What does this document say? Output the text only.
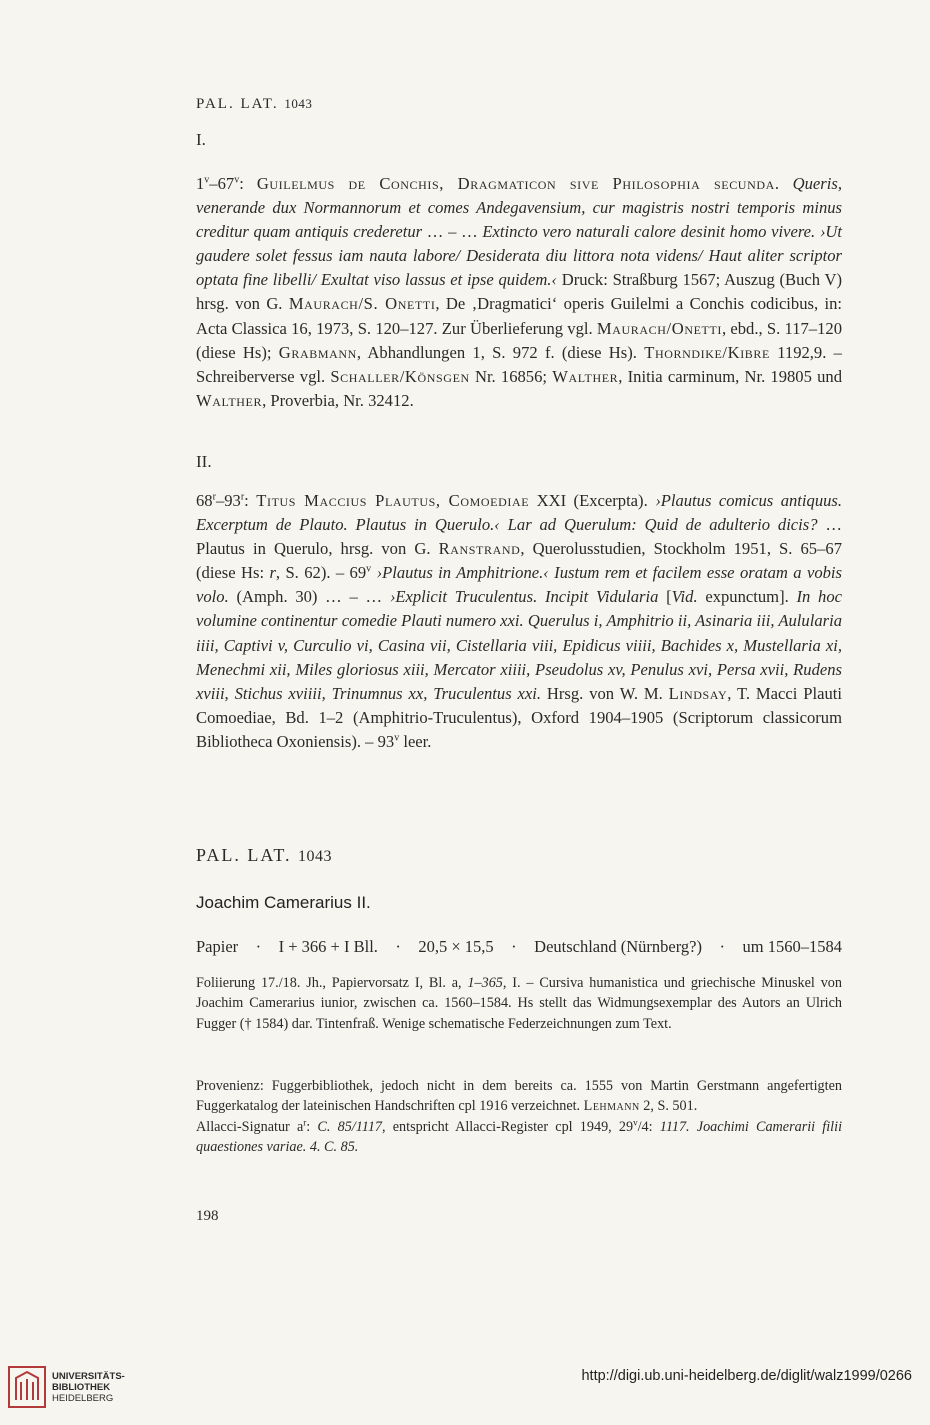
PAL. LAT. 1043
I.
1$^v$–67$^v$: Guilelmus de Conchis, Dragmaticon sive Philosophia secunda. Queris, venerande dux Normannorum et comes Andegavensium, cur magistris nostri temporis minus creditur quam antiquis crederetur … – … Extincto vero naturali calore desinit homo vivere. ›Ut gaudere solet fessus iam nauta labore/ Desiderata diu littora nota videns/ Haut aliter scriptor optata fine libelli/ Exultat viso lassus et ipse quidem.‹ Druck: Straßburg 1567; Auszug (Buch V) hrsg. von G. Maurach/S. Onetti, De ‚Dragmatici‘ operis Guilelmi a Conchis codicibus, in: Acta Classica 16, 1973, S. 120–127. Zur Überlieferung vgl. Maurach/Onetti, ebd., S. 117–120 (diese Hs); Grabmann, Abhandlungen 1, S. 972 f. (diese Hs). Thorndike/Kibre 1192,9. – Schreiberverse vgl. Schaller/Könsgen Nr. 16856; Walther, Initia carminum, Nr. 19805 und Walther, Proverbia, Nr. 32412.
II.
68$^r$–93$^r$: Titus Maccius Plautus, Comoediae XXI (Excerpta). ›Plautus comicus antiquus. Excerptum de Plauto. Plautus in Querulo.‹ Lar ad Querulum: Quid de adulterio dicis? … Plautus in Querulo, hrsg. von G. Ranstrand, Querolusstudien, Stockholm 1951, S. 65–67 (diese Hs: r, S. 62). – 69$^v$ ›Plautus in Amphitrione.‹ Iustum rem et facilem esse oratam a vobis volo. (Amph. 30) … – … ›Explicit Truculentus. Incipit Vidularia [Vid. expunctum]. In hoc volumine continentur comedie Plauti numero xxi. Querulus i, Amphitrio ii, Asinaria iii, Aulularia iiii, Captivi v, Curculio vi, Casina vii, Cistellaria viii, Epidicus viiii, Bachides x, Mustellaria xi, Menechmi xii, Miles gloriosus xiii, Mercator xiiii, Pseudolus xv, Penulus xvi, Persa xvii, Rudens xviii, Stichus xviiii, Trinumnus xx, Truculentus xxi. Hrsg. von W. M. Lindsay, T. Macci Plauti Comoediae, Bd. 1–2 (Amphitrio-Truculentus), Oxford 1904–1905 (Scriptorum classicorum Bibliotheca Oxoniensis). – 93$^v$ leer.
PAL. LAT. 1043
Joachim Camerarius II.
Papier · I + 366 + I Bll. · 20,5 × 15,5 · Deutschland (Nürnberg?) · um 1560–1584
Foliierung 17./18. Jh., Papiervorsatz I, Bl. a, 1–365, I. – Cursiva humanistica und griechische Minuskel von Joachim Camerarius iunior, zwischen ca. 1560–1584. Hs stellt das Widmungsexemplar des Autors an Ulrich Fugger († 1584) dar. Tintenfraß. Wenige schematische Federzeichnungen zum Text.
Provenienz: Fuggerbibliothek, jedoch nicht in dem bereits ca. 1555 von Martin Gerstmann angefertigten Fuggerkatalog der lateinischen Handschriften cpl 1916 verzeichnet. Lehmann 2, S. 501.
Allacci-Signatur $a^r$: C. 85/1117, entspricht Allacci-Register cpl 1949, 29$^v$/4: 1117. Joachimi Camerarii filii quaestiones variae. 4. C. 85.
198
UNIVERSITÄTS-
BIBLIOTHEK
HEIDELBERG
http://digi.ub.uni-heidelberg.de/diglit/walz1999/0266
